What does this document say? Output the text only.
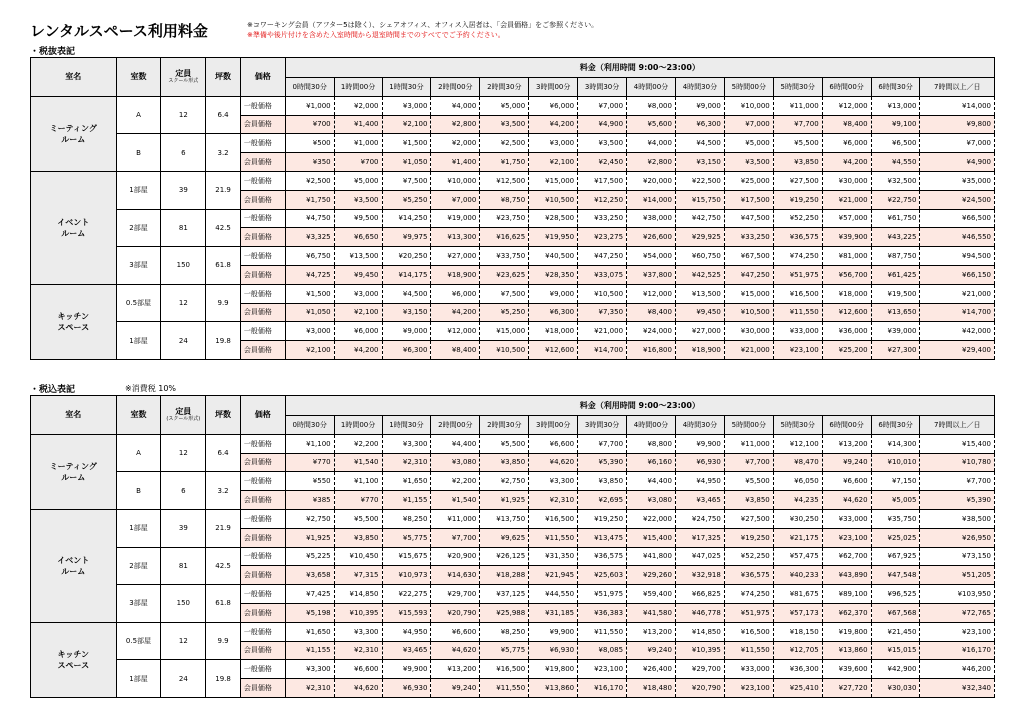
レンタルスペース利用料金	※コワーキング会員（アフター5は除く）、シェアオフィス、オフィス入居者は、「会員価格」をご参照ください。
※準備や後片付けを含めた入室時間から退室時間までのすべてでご予約ください。
・税抜表記
室名	室数	定員
スクール形式	坪数	価格	料金（利用時間 9:00～23:00）													
					0時間30分	1時間00分	1時間30分	2時間00分	2時間30分	3時間00分	3時間30分	4時間00分	4時間30分	5時間00分	5時間30分	6時間00分	6時間30分	7時間以上／日
ミーティング
ルーム	A	12	6.4	一般価格	¥1,000	¥2,000	¥3,000	¥4,000	¥5,000	¥6,000	¥7,000	¥8,000	¥9,000	¥10,000	¥11,000	¥12,000	¥13,000	¥14,000
				会員価格	¥700	¥1,400	¥2,100	¥2,800	¥3,500	¥4,200	¥4,900	¥5,600	¥6,300	¥7,000	¥7,700	¥8,400	¥9,100	¥9,800
	B	6	3.2	一般価格	¥500	¥1,000	¥1,500	¥2,000	¥2,500	¥3,000	¥3,500	¥4,000	¥4,500	¥5,000	¥5,500	¥6,000	¥6,500	¥7,000
				会員価格	¥350	¥700	¥1,050	¥1,400	¥1,750	¥2,100	¥2,450	¥2,800	¥3,150	¥3,500	¥3,850	¥4,200	¥4,550	¥4,900
イベント
ルーム	1部屋	39	21.9	一般価格	¥2,500	¥5,000	¥7,500	¥10,000	¥12,500	¥15,000	¥17,500	¥20,000	¥22,500	¥25,000	¥27,500	¥30,000	¥32,500	¥35,000
				会員価格	¥1,750	¥3,500	¥5,250	¥7,000	¥8,750	¥10,500	¥12,250	¥14,000	¥15,750	¥17,500	¥19,250	¥21,000	¥22,750	¥24,500
	2部屋	81	42.5	一般価格	¥4,750	¥9,500	¥14,250	¥19,000	¥23,750	¥28,500	¥33,250	¥38,000	¥42,750	¥47,500	¥52,250	¥57,000	¥61,750	¥66,500
				会員価格	¥3,325	¥6,650	¥9,975	¥13,300	¥16,625	¥19,950	¥23,275	¥26,600	¥29,925	¥33,250	¥36,575	¥39,900	¥43,225	¥46,550
	3部屋	150	61.8	一般価格	¥6,750	¥13,500	¥20,250	¥27,000	¥33,750	¥40,500	¥47,250	¥54,000	¥60,750	¥67,500	¥74,250	¥81,000	¥87,750	¥94,500
				会員価格	¥4,725	¥9,450	¥14,175	¥18,900	¥23,625	¥28,350	¥33,075	¥37,800	¥42,525	¥47,250	¥51,975	¥56,700	¥61,425	¥66,150
キッチン
スペース	0.5部屋	12	9.9	一般価格	¥1,500	¥3,000	¥4,500	¥6,000	¥7,500	¥9,000	¥10,500	¥12,000	¥13,500	¥15,000	¥16,500	¥18,000	¥19,500	¥21,000
				会員価格	¥1,050	¥2,100	¥3,150	¥4,200	¥5,250	¥6,300	¥7,350	¥8,400	¥9,450	¥10,500	¥11,550	¥12,600	¥13,650	¥14,700
	1部屋	24	19.8	一般価格	¥3,000	¥6,000	¥9,000	¥12,000	¥15,000	¥18,000	¥21,000	¥24,000	¥27,000	¥30,000	¥33,000	¥36,000	¥39,000	¥42,000
				会員価格	¥2,100	¥4,200	¥6,300	¥8,400	¥10,500	¥12,600	¥14,700	¥16,800	¥18,900	¥21,000	¥23,100	¥25,200	¥27,300	¥29,400
・税込表記	※消費税 10%
室名	室数	定員
(スクール形式)	坪数	価格	料金（利用時間 9:00～23:00）													
					0時間30分	1時間00分	1時間30分	2時間00分	2時間30分	3時間00分	3時間30分	4時間00分	4時間30分	5時間00分	5時間30分	6時間00分	6時間30分	7時間以上／日
ミーティング
ルーム	A	12	6.4	一般価格	¥1,100	¥2,200	¥3,300	¥4,400	¥5,500	¥6,600	¥7,700	¥8,800	¥9,900	¥11,000	¥12,100	¥13,200	¥14,300	¥15,400
				会員価格	¥770	¥1,540	¥2,310	¥3,080	¥3,850	¥4,620	¥5,390	¥6,160	¥6,930	¥7,700	¥8,470	¥9,240	¥10,010	¥10,780
	B	6	3.2	一般価格	¥550	¥1,100	¥1,650	¥2,200	¥2,750	¥3,300	¥3,850	¥4,400	¥4,950	¥5,500	¥6,050	¥6,600	¥7,150	¥7,700
				会員価格	¥385	¥770	¥1,155	¥1,540	¥1,925	¥2,310	¥2,695	¥3,080	¥3,465	¥3,850	¥4,235	¥4,620	¥5,005	¥5,390
イベント
ルーム	1部屋	39	21.9	一般価格	¥2,750	¥5,500	¥8,250	¥11,000	¥13,750	¥16,500	¥19,250	¥22,000	¥24,750	¥27,500	¥30,250	¥33,000	¥35,750	¥38,500
				会員価格	¥1,925	¥3,850	¥5,775	¥7,700	¥9,625	¥11,550	¥13,475	¥15,400	¥17,325	¥19,250	¥21,175	¥23,100	¥25,025	¥26,950
	2部屋	81	42.5	一般価格	¥5,225	¥10,450	¥15,675	¥20,900	¥26,125	¥31,350	¥36,575	¥41,800	¥47,025	¥52,250	¥57,475	¥62,700	¥67,925	¥73,150
				会員価格	¥3,658	¥7,315	¥10,973	¥14,630	¥18,288	¥21,945	¥25,603	¥29,260	¥32,918	¥36,575	¥40,233	¥43,890	¥47,548	¥51,205
	3部屋	150	61.8	一般価格	¥7,425	¥14,850	¥22,275	¥29,700	¥37,125	¥44,550	¥51,975	¥59,400	¥66,825	¥74,250	¥81,675	¥89,100	¥96,525	¥103,950
				会員価格	¥5,198	¥10,395	¥15,593	¥20,790	¥25,988	¥31,185	¥36,383	¥41,580	¥46,778	¥51,975	¥57,173	¥62,370	¥67,568	¥72,765
キッチン
スペース	0.5部屋	12	9.9	一般価格	¥1,650	¥3,300	¥4,950	¥6,600	¥8,250	¥9,900	¥11,550	¥13,200	¥14,850	¥16,500	¥18,150	¥19,800	¥21,450	¥23,100
				会員価格	¥1,155	¥2,310	¥3,465	¥4,620	¥5,775	¥6,930	¥8,085	¥9,240	¥10,395	¥11,550	¥12,705	¥13,860	¥15,015	¥16,170
	1部屋	24	19.8	一般価格	¥3,300	¥6,600	¥9,900	¥13,200	¥16,500	¥19,800	¥23,100	¥26,400	¥29,700	¥33,000	¥36,300	¥39,600	¥42,900	¥46,200
				会員価格	¥2,310	¥4,620	¥6,930	¥9,240	¥11,550	¥13,860	¥16,170	¥18,480	¥20,790	¥23,100	¥25,410	¥27,720	¥30,030	¥32,340
